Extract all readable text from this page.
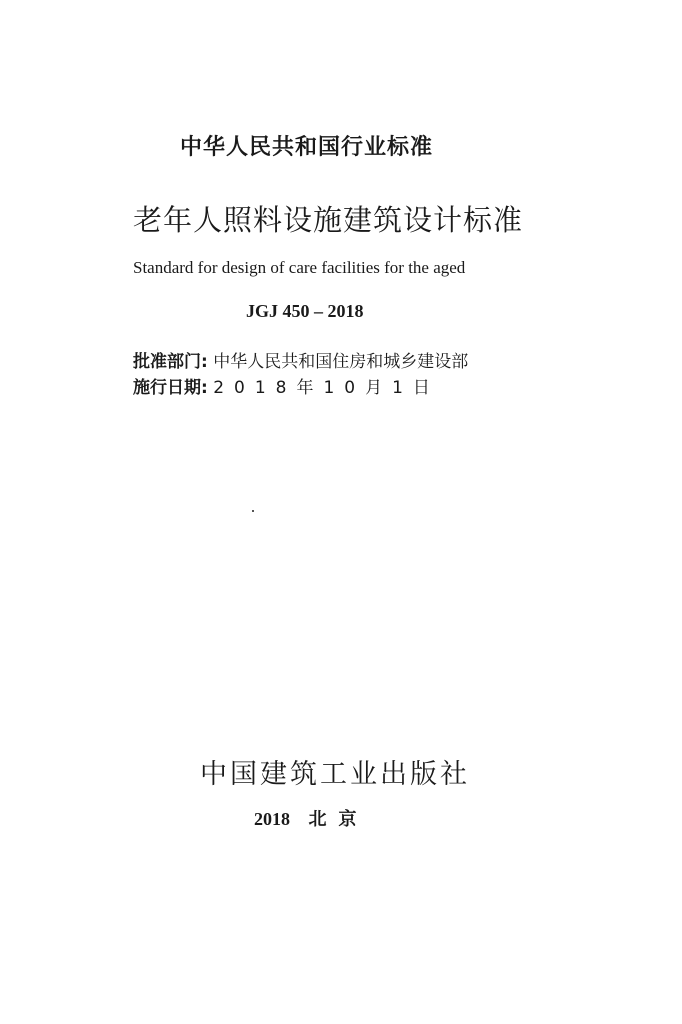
中华人民共和国行业标准

老年人照料设施建筑设计标准

Standard for design of care facilities for the aged

JGJ 450 – 2018

批准部门: 中华人民共和国住房和城乡建设部

施行日期: 2018年10月1日

中国建筑工业出版社

2018 北京
